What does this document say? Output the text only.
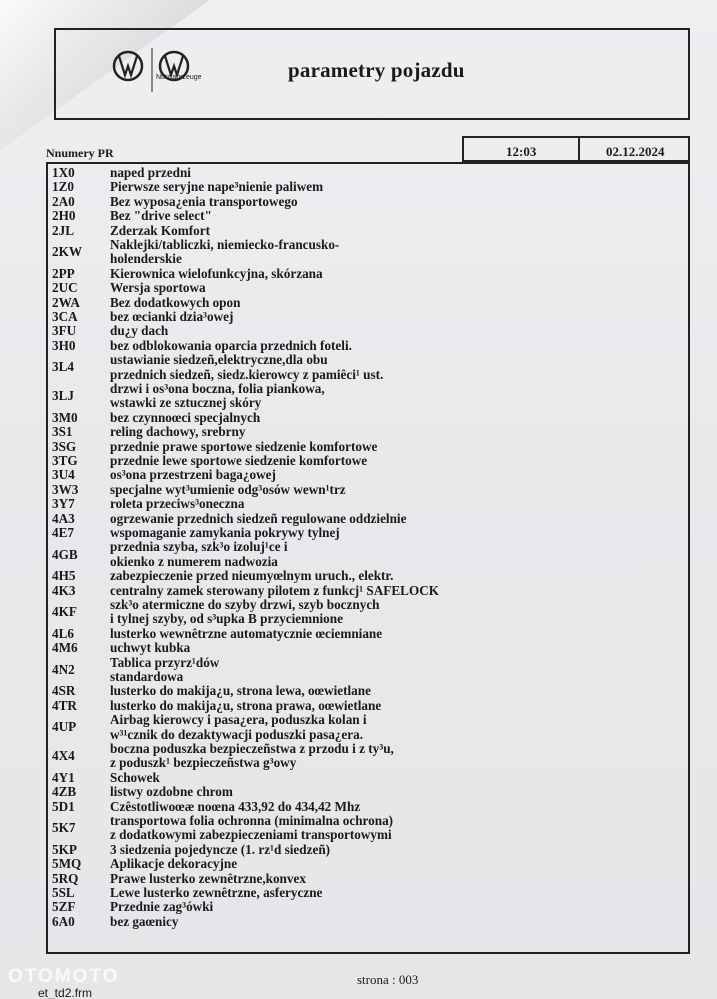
Nutzfahrzeuge	parametry pojazdu
Nnumery PR	12:03	02.12.2024
1X0	naped przedni
1Z0	Pierwsze seryjne nape³nienie paliwem
2A0	Bez wyposa¿enia transportowego
2H0	Bez "drive select"
2JL	Zderzak Komfort
2KW	Naklejki/tabliczki, niemiecko-francusko-
holenderskie
2PP	Kierownica wielofunkcyjna, skórzana
2UC	Wersja sportowa
2WA	Bez dodatkowych opon
3CA	bez œcianki dzia³owej
3FU	du¿y dach
3H0	bez odblokowania oparcia przednich foteli.
3L4	ustawianie siedzeñ,elektryczne,dla obu
przednich siedzeñ, siedz.kierowcy z pamiêci¹ ust.
3LJ	drzwi i os³ona boczna, folia piankowa,
wstawki ze sztucznej skóry
3M0	bez czynnoœci specjalnych
3S1	reling dachowy, srebrny
3SG	przednie prawe sportowe siedzenie komfortowe
3TG	przednie lewe sportowe siedzenie komfortowe
3U4	os³ona przestrzeni baga¿owej
3W3	specjalne wyt³umienie odg³osów wewn¹trz
3Y7	roleta przeciws³oneczna
4A3	ogrzewanie przednich siedzeñ regulowane oddzielnie
4E7	wspomaganie zamykania pokrywy tylnej
4GB	przednia szyba, szk³o izoluj¹ce i
okienko z numerem nadwozia
4H5	zabezpieczenie przed nieumyœlnym uruch., elektr.
4K3	centralny zamek sterowany pilotem z funkcj¹ SAFELOCK
4KF	szk³o atermiczne do szyby drzwi, szyb bocznych
i tylnej szyby, od s³upka B przyciemnione
4L6	lusterko wewnêtrzne automatycznie œciemniane
4M6	uchwyt kubka
4N2	Tablica przyrz¹dów
standardowa
4SR	lusterko do makija¿u, strona lewa, oœwietlane
4TR	lusterko do makija¿u, strona prawa, oœwietlane
4UP	Airbag kierowcy i pasa¿era, poduszka kolan i
w³¹cznik do dezaktywacji poduszki pasa¿era.
4X4	boczna poduszka bezpieczeñstwa z przodu i z ty³u,
z poduszk¹ bezpieczeñstwa g³owy
4Y1	Schowek
4ZB	listwy ozdobne chrom
5D1	Czêstotliwoœæ noœna 433,92 do 434,42 Mhz
5K7	transportowa folia ochronna (minimalna ochrona)
z dodatkowymi zabezpieczeniami transportowymi
5KP	3 siedzenia pojedyncze (1. rz¹d siedzeñ)
5MQ	Aplikacje dekoracyjne
5RQ	Prawe lusterko zewnêtrzne,konvex
5SL	Lewe lusterko zewnêtrzne, asferyczne
5ZF	Przednie zag³ówki
6A0	bez gaœnicy
strona : 003
et_td2.frm
OTOMOTO
